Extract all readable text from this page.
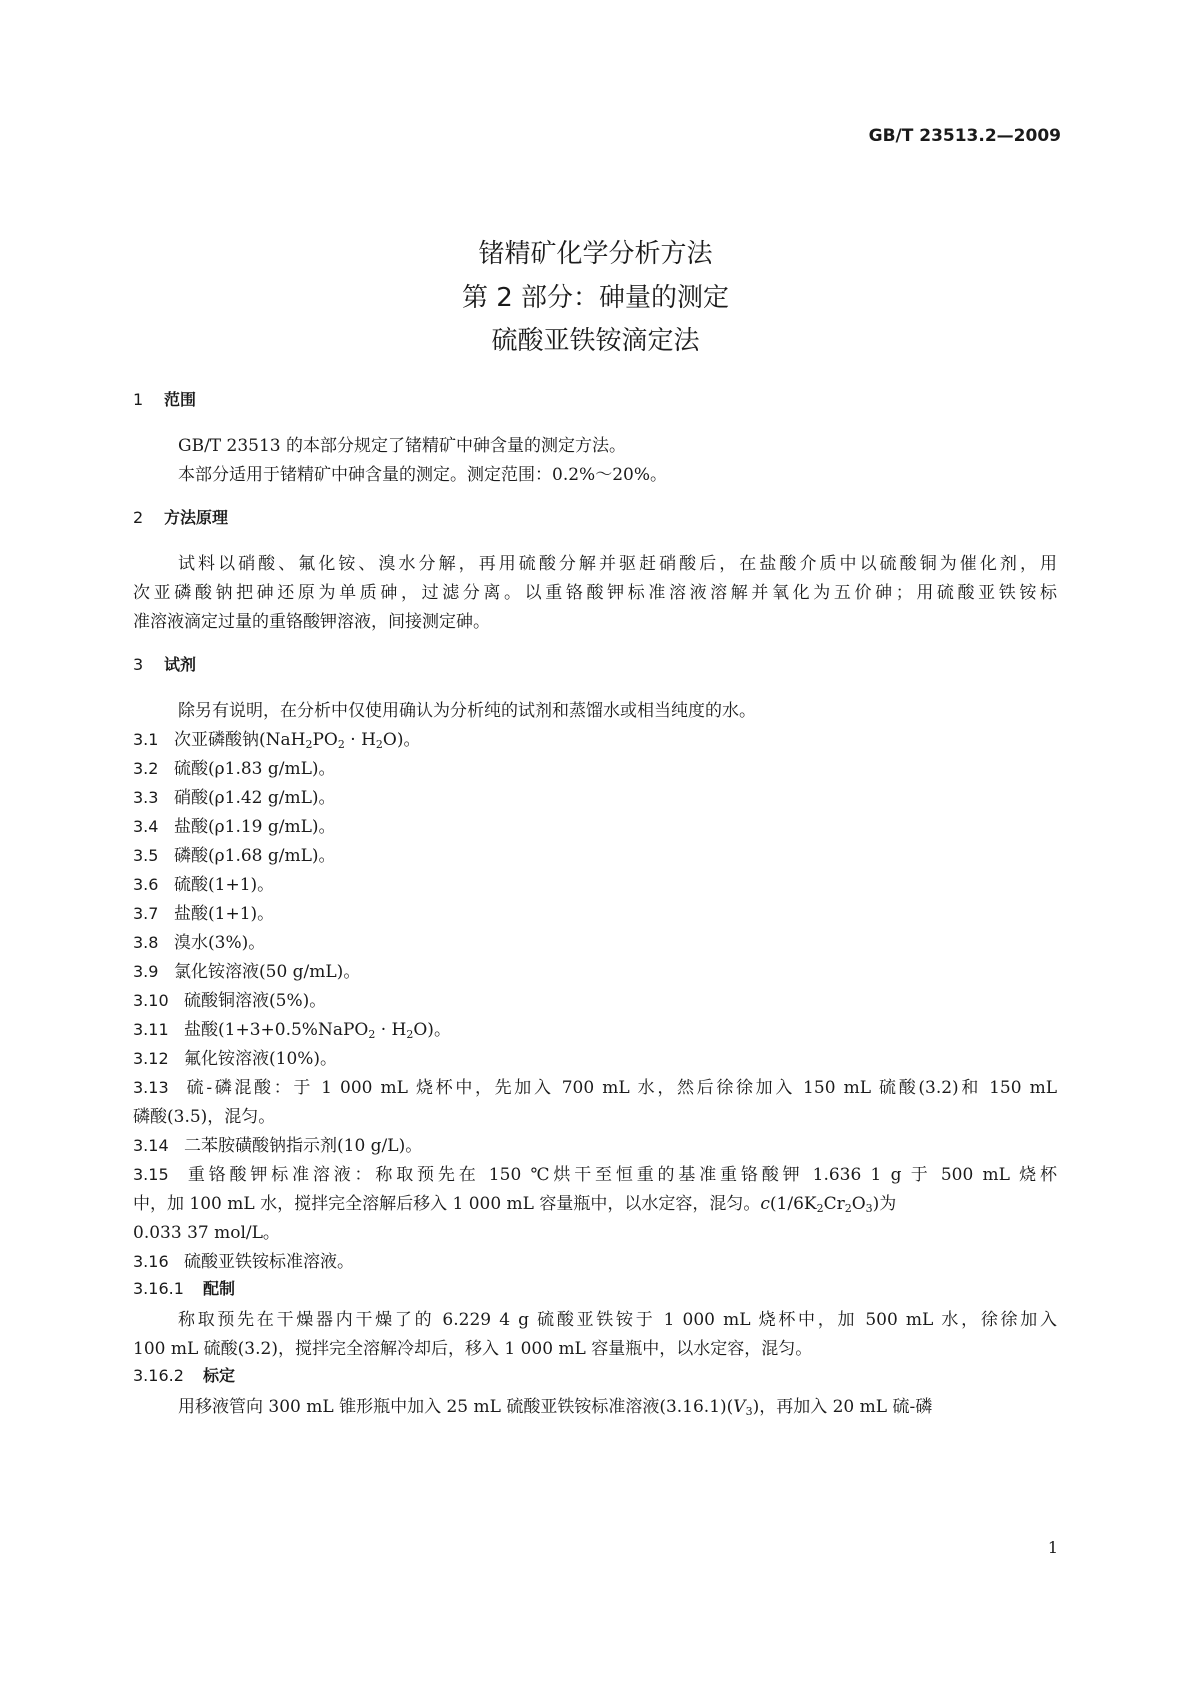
GB/T 23513.2—2009
锗精矿化学分析方法
第 2 部分：砷量的测定
硫酸亚铁铵滴定法
1 范围
GB/T 23513 的本部分规定了锗精矿中砷含量的测定方法。
本部分适用于锗精矿中砷含量的测定。测定范围：0.2%～20%。
2 方法原理
试料以硝酸、氟化铵、溴水分解，再用硫酸分解并驱赶硝酸后，在盐酸介质中以硫酸铜为催化剂，用
次亚磷酸钠把砷还原为单质砷，过滤分离。以重铬酸钾标准溶液溶解并氧化为五价砷；用硫酸亚铁铵标
准溶液滴定过量的重铬酸钾溶液，间接测定砷。
3 试剂
除另有说明，在分析中仅使用确认为分析纯的试剂和蒸馏水或相当纯度的水。
3.1 次亚磷酸钠$(NaH_2PO_2 \cdot H_2O)$。
3.2 硫酸(ρ1.83 g/mL)。
3.3 硝酸(ρ1.42 g/mL)。
3.4 盐酸(ρ1.19 g/mL)。
3.5 磷酸(ρ1.68 g/mL)。
3.6 硫酸(1+1)。
3.7 盐酸(1+1)。
3.8 溴水(3%)。
3.9 氯化铵溶液(50 g/mL)。
3.10 硫酸铜溶液(5%)。
3.11 盐酸(1+3+0.5%NaPO$_2$ · $H_2O$)。
3.12 氟化铵溶液(10%)。
3.13 硫-磷混酸：于 1 000 mL 烧杯中，先加入 700 mL 水，然后徐徐加入 150 mL 硫酸(3.2)和 150 mL
磷酸(3.5)，混匀。
3.14 二苯胺磺酸钠指示剂(10 g/L)。
3.15 重铬酸钾标准溶液：称取预先在 150 ℃烘干至恒重的基准重铬酸钾 1.636 1 g 于 500 mL 烧杯
中，加 100 mL 水，搅拌完全溶解后移入 1 000 mL 容量瓶中，以水定容，混匀。$c(1/6K_2Cr_2O_3)$为
0.033 37 mol/L。
3.16 硫酸亚铁铵标准溶液。
3.16.1 配制
称取预先在干燥器内干燥了的 6.229 4 g 硫酸亚铁铵于 1 000 mL 烧杯中，加 500 mL 水，徐徐加入
100 mL 硫酸(3.2)，搅拌完全溶解冷却后，移入 1 000 mL 容量瓶中，以水定容，混匀。
3.16.2 标定
用移液管向 300 mL 锥形瓶中加入 25 mL 硫酸亚铁铵标准溶液$(3.16.1)(V_3)$，再加入 20 mL 硫-磷
1
